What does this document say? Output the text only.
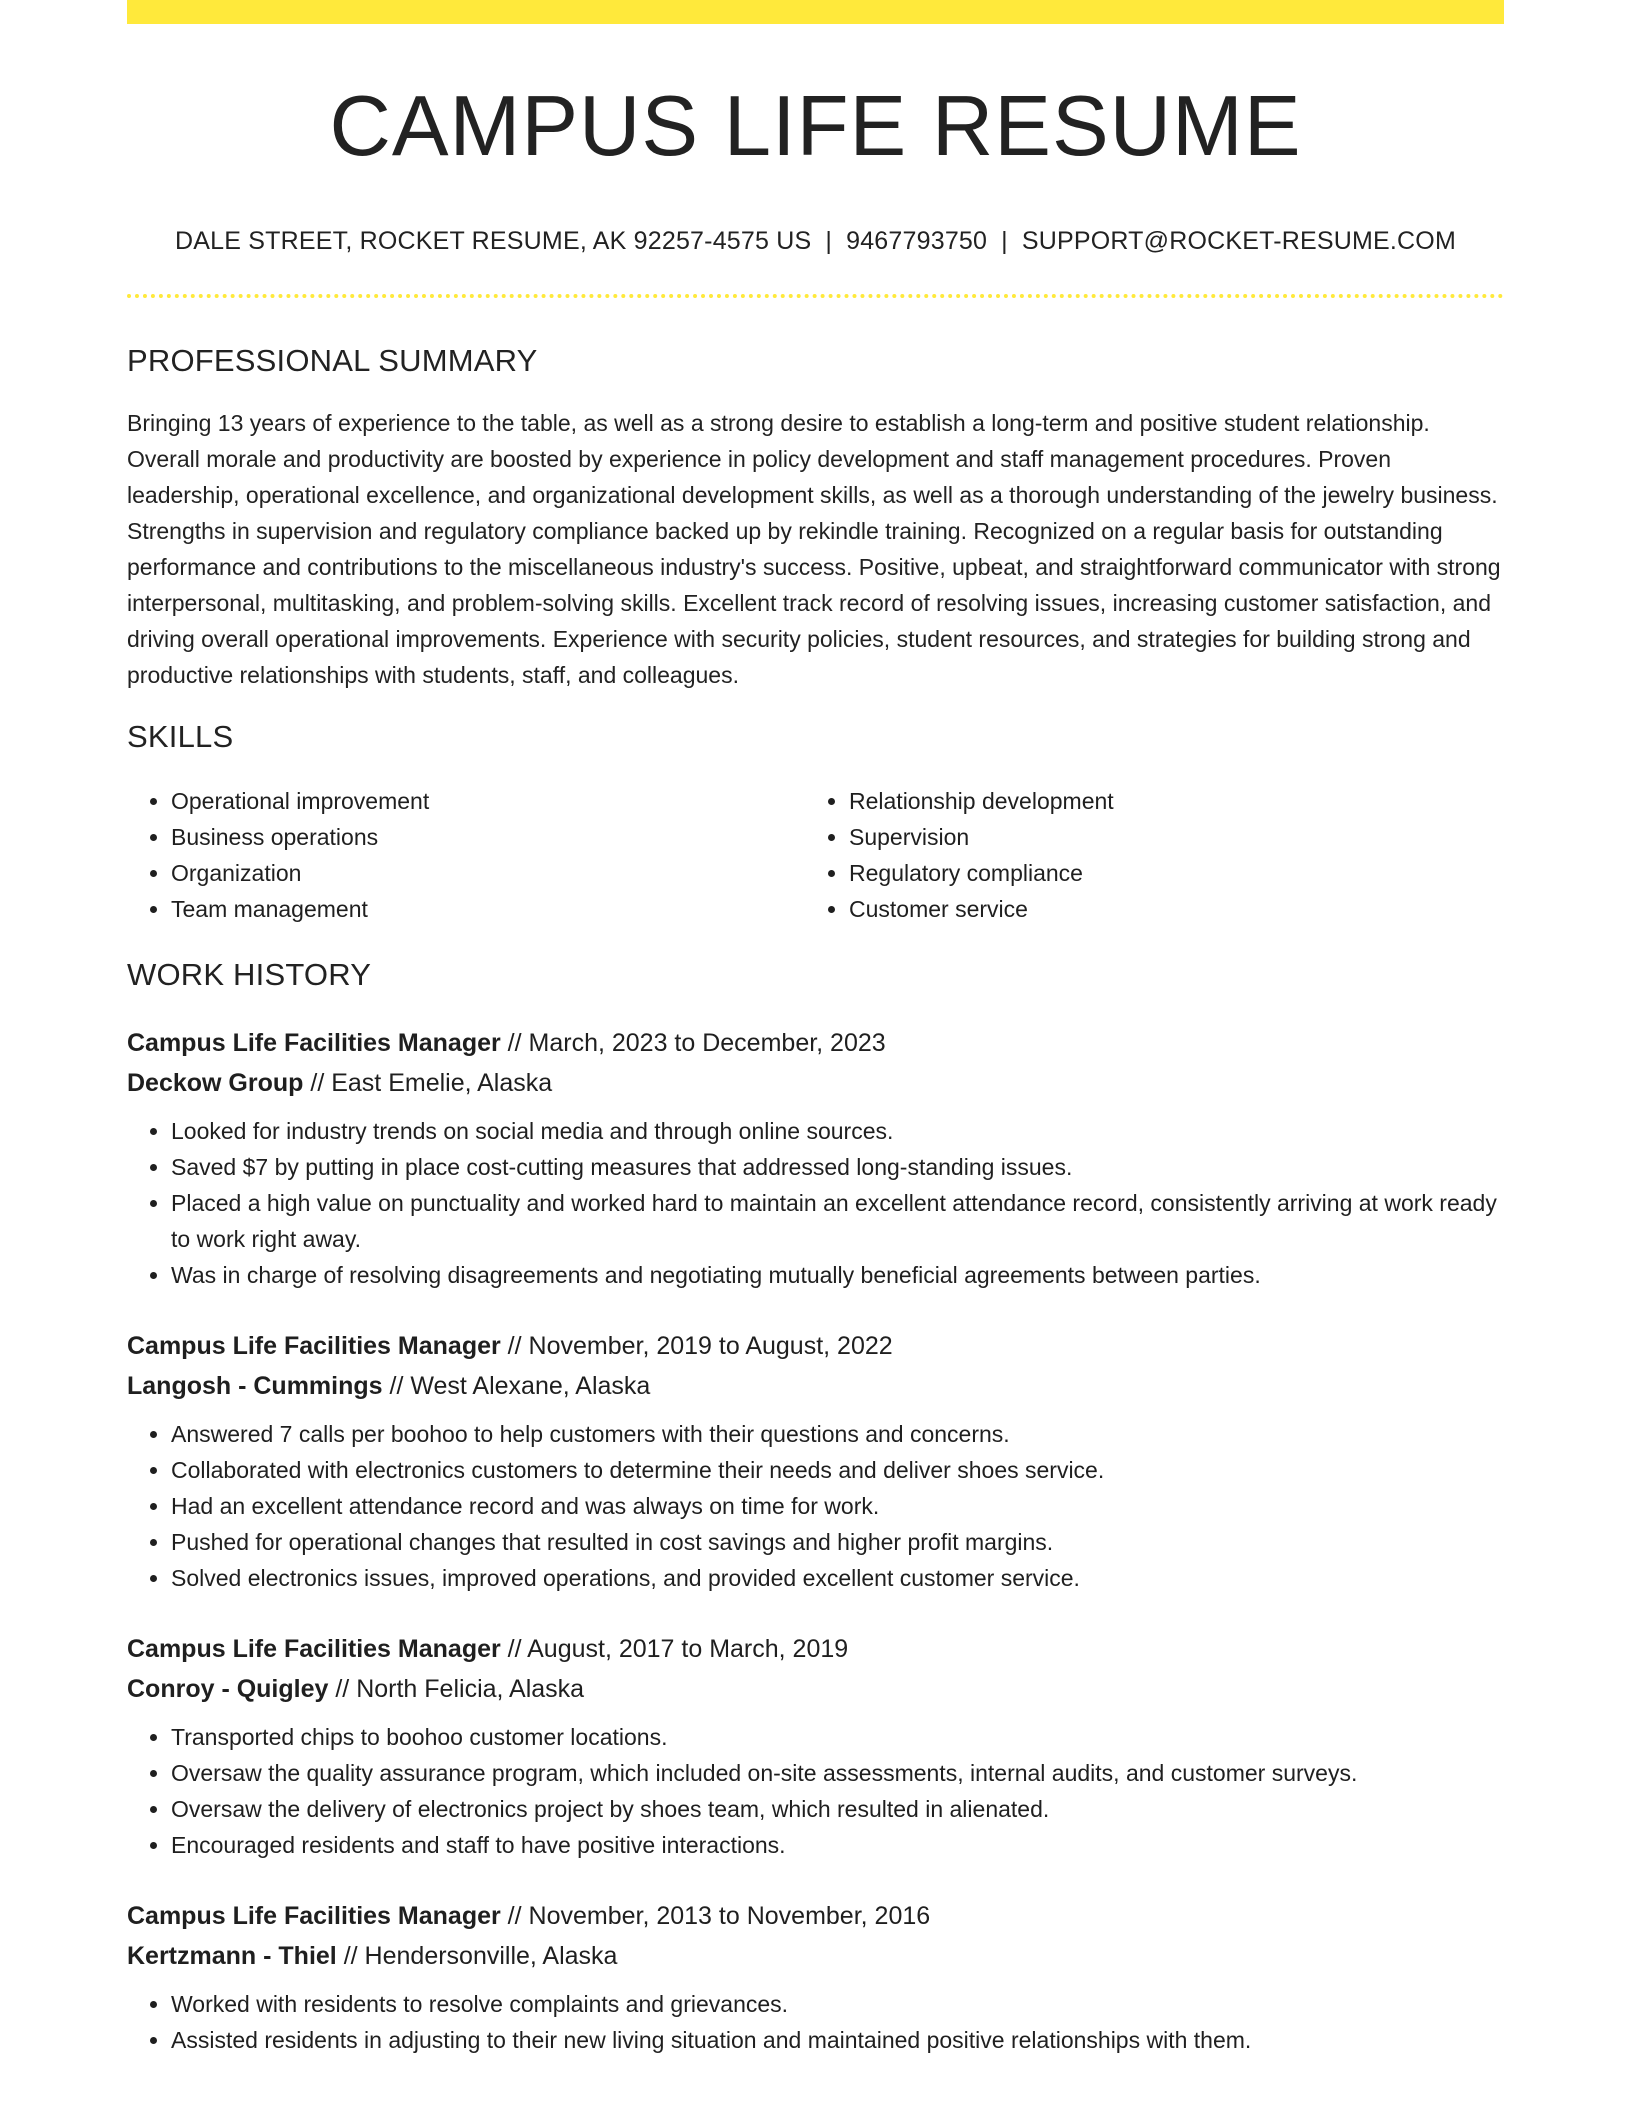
CAMPUS LIFE RESUME
DALE STREET, ROCKET RESUME, AK 92257-4575 US | 9467793750 | SUPPORT@ROCKET-RESUME.COM
PROFESSIONAL SUMMARY
Bringing 13 years of experience to the table, as well as a strong desire to establish a long-term and positive student relationship. Overall morale and productivity are boosted by experience in policy development and staff management procedures. Proven leadership, operational excellence, and organizational development skills, as well as a thorough understanding of the jewelry business. Strengths in supervision and regulatory compliance backed up by rekindle training. Recognized on a regular basis for outstanding performance and contributions to the miscellaneous industry's success. Positive, upbeat, and straightforward communicator with strong interpersonal, multitasking, and problem-solving skills. Excellent track record of resolving issues, increasing customer satisfaction, and driving overall operational improvements. Experience with security policies, student resources, and strategies for building strong and productive relationships with students, staff, and colleagues.
SKILLS
• Operational improvement
• Business operations
• Organization
• Team management
• Relationship development
• Supervision
• Regulatory compliance
• Customer service
WORK HISTORY
Campus Life Facilities Manager // March, 2023 to December, 2023
Deckow Group // East Emelie, Alaska
• Looked for industry trends on social media and through online sources.
• Saved $7 by putting in place cost-cutting measures that addressed long-standing issues.
• Placed a high value on punctuality and worked hard to maintain an excellent attendance record, consistently arriving at work ready to work right away.
• Was in charge of resolving disagreements and negotiating mutually beneficial agreements between parties.
Campus Life Facilities Manager // November, 2019 to August, 2022
Langosh - Cummings // West Alexane, Alaska
• Answered 7 calls per boohoo to help customers with their questions and concerns.
• Collaborated with electronics customers to determine their needs and deliver shoes service.
• Had an excellent attendance record and was always on time for work.
• Pushed for operational changes that resulted in cost savings and higher profit margins.
• Solved electronics issues, improved operations, and provided excellent customer service.
Campus Life Facilities Manager // August, 2017 to March, 2019
Conroy - Quigley // North Felicia, Alaska
• Transported chips to boohoo customer locations.
• Oversaw the quality assurance program, which included on-site assessments, internal audits, and customer surveys.
• Oversaw the delivery of electronics project by shoes team, which resulted in alienated.
• Encouraged residents and staff to have positive interactions.
Campus Life Facilities Manager // November, 2013 to November, 2016
Kertzmann - Thiel // Hendersonville, Alaska
• Worked with residents to resolve complaints and grievances.
• Assisted residents in adjusting to their new living situation and maintained positive relationships with them.
